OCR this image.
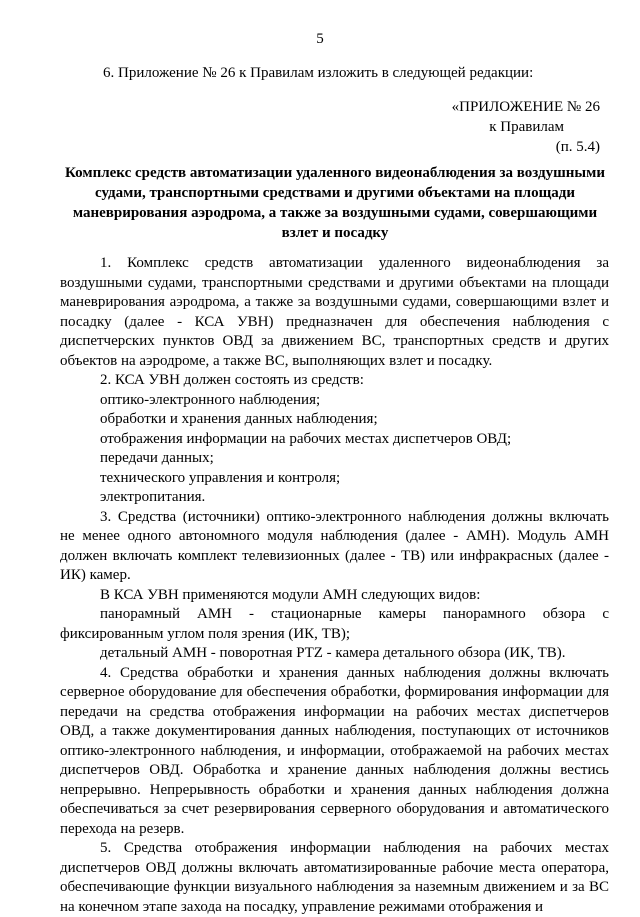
5
6. Приложение № 26 к Правилам изложить в следующей редакции:
«ПРИЛОЖЕНИЕ № 26
к Правилам
(п. 5.4)
Комплекс средств автоматизации удаленного видеонаблюдения за воздушными судами, транспортными средствами и другими объектами на площади маневрирования аэродрома, а также за воздушными судами, совершающими взлет и посадку

1. Комплекс средств автоматизации удаленного видеонаблюдения за воздушными судами, транспортными средствами и другими объектами на площади маневрирования аэродрома, а также за воздушными судами, совершающими взлет и посадку (далее - КСА УВН) предназначен для обеспечения наблюдения с диспетчерских пунктов ОВД за движением ВС, транспортных средств и других объектов на аэродроме, а также ВС, выполняющих взлет и посадку.

2. КСА УВН должен состоять из средств:

оптико-электронного наблюдения;

обработки и хранения данных наблюдения;

отображения информации на рабочих местах диспетчеров ОВД;

передачи данных;

технического управления и контроля;

электропитания.

3. Средства (источники) оптико-электронного наблюдения должны включать не менее одного автономного модуля наблюдения (далее - АМН). Модуль АМН должен включать комплект телевизионных (далее - ТВ) или инфракрасных (далее - ИК) камер.

В КСА УВН применяются модули АМН следующих видов:

панорамный АМН - стационарные камеры панорамного обзора с фиксированным углом поля зрения (ИК, ТВ);

детальный АМН - поворотная PTZ - камера детального обзора (ИК, ТВ).

4. Средства обработки и хранения данных наблюдения должны включать серверное оборудование для обеспечения обработки, формирования информации для передачи на средства отображения информации на рабочих местах диспетчеров ОВД, а также документирования данных наблюдения, поступающих от источников оптико-электронного наблюдения, и информации, отображаемой на рабочих местах диспетчеров ОВД. Обработка и хранение данных наблюдения должны вестись непрерывно. Непрерывность обработки и хранения данных наблюдения должна обеспечиваться за счет резервирования серверного оборудования и автоматического перехода на резерв.

5. Средства отображения информации наблюдения на рабочих местах диспетчеров ОВД должны включать автоматизированные рабочие места оператора, обеспечивающие функции визуального наблюдения за наземным движением и за ВС на конечном этапе захода на посадку, управление режимами отображения и
